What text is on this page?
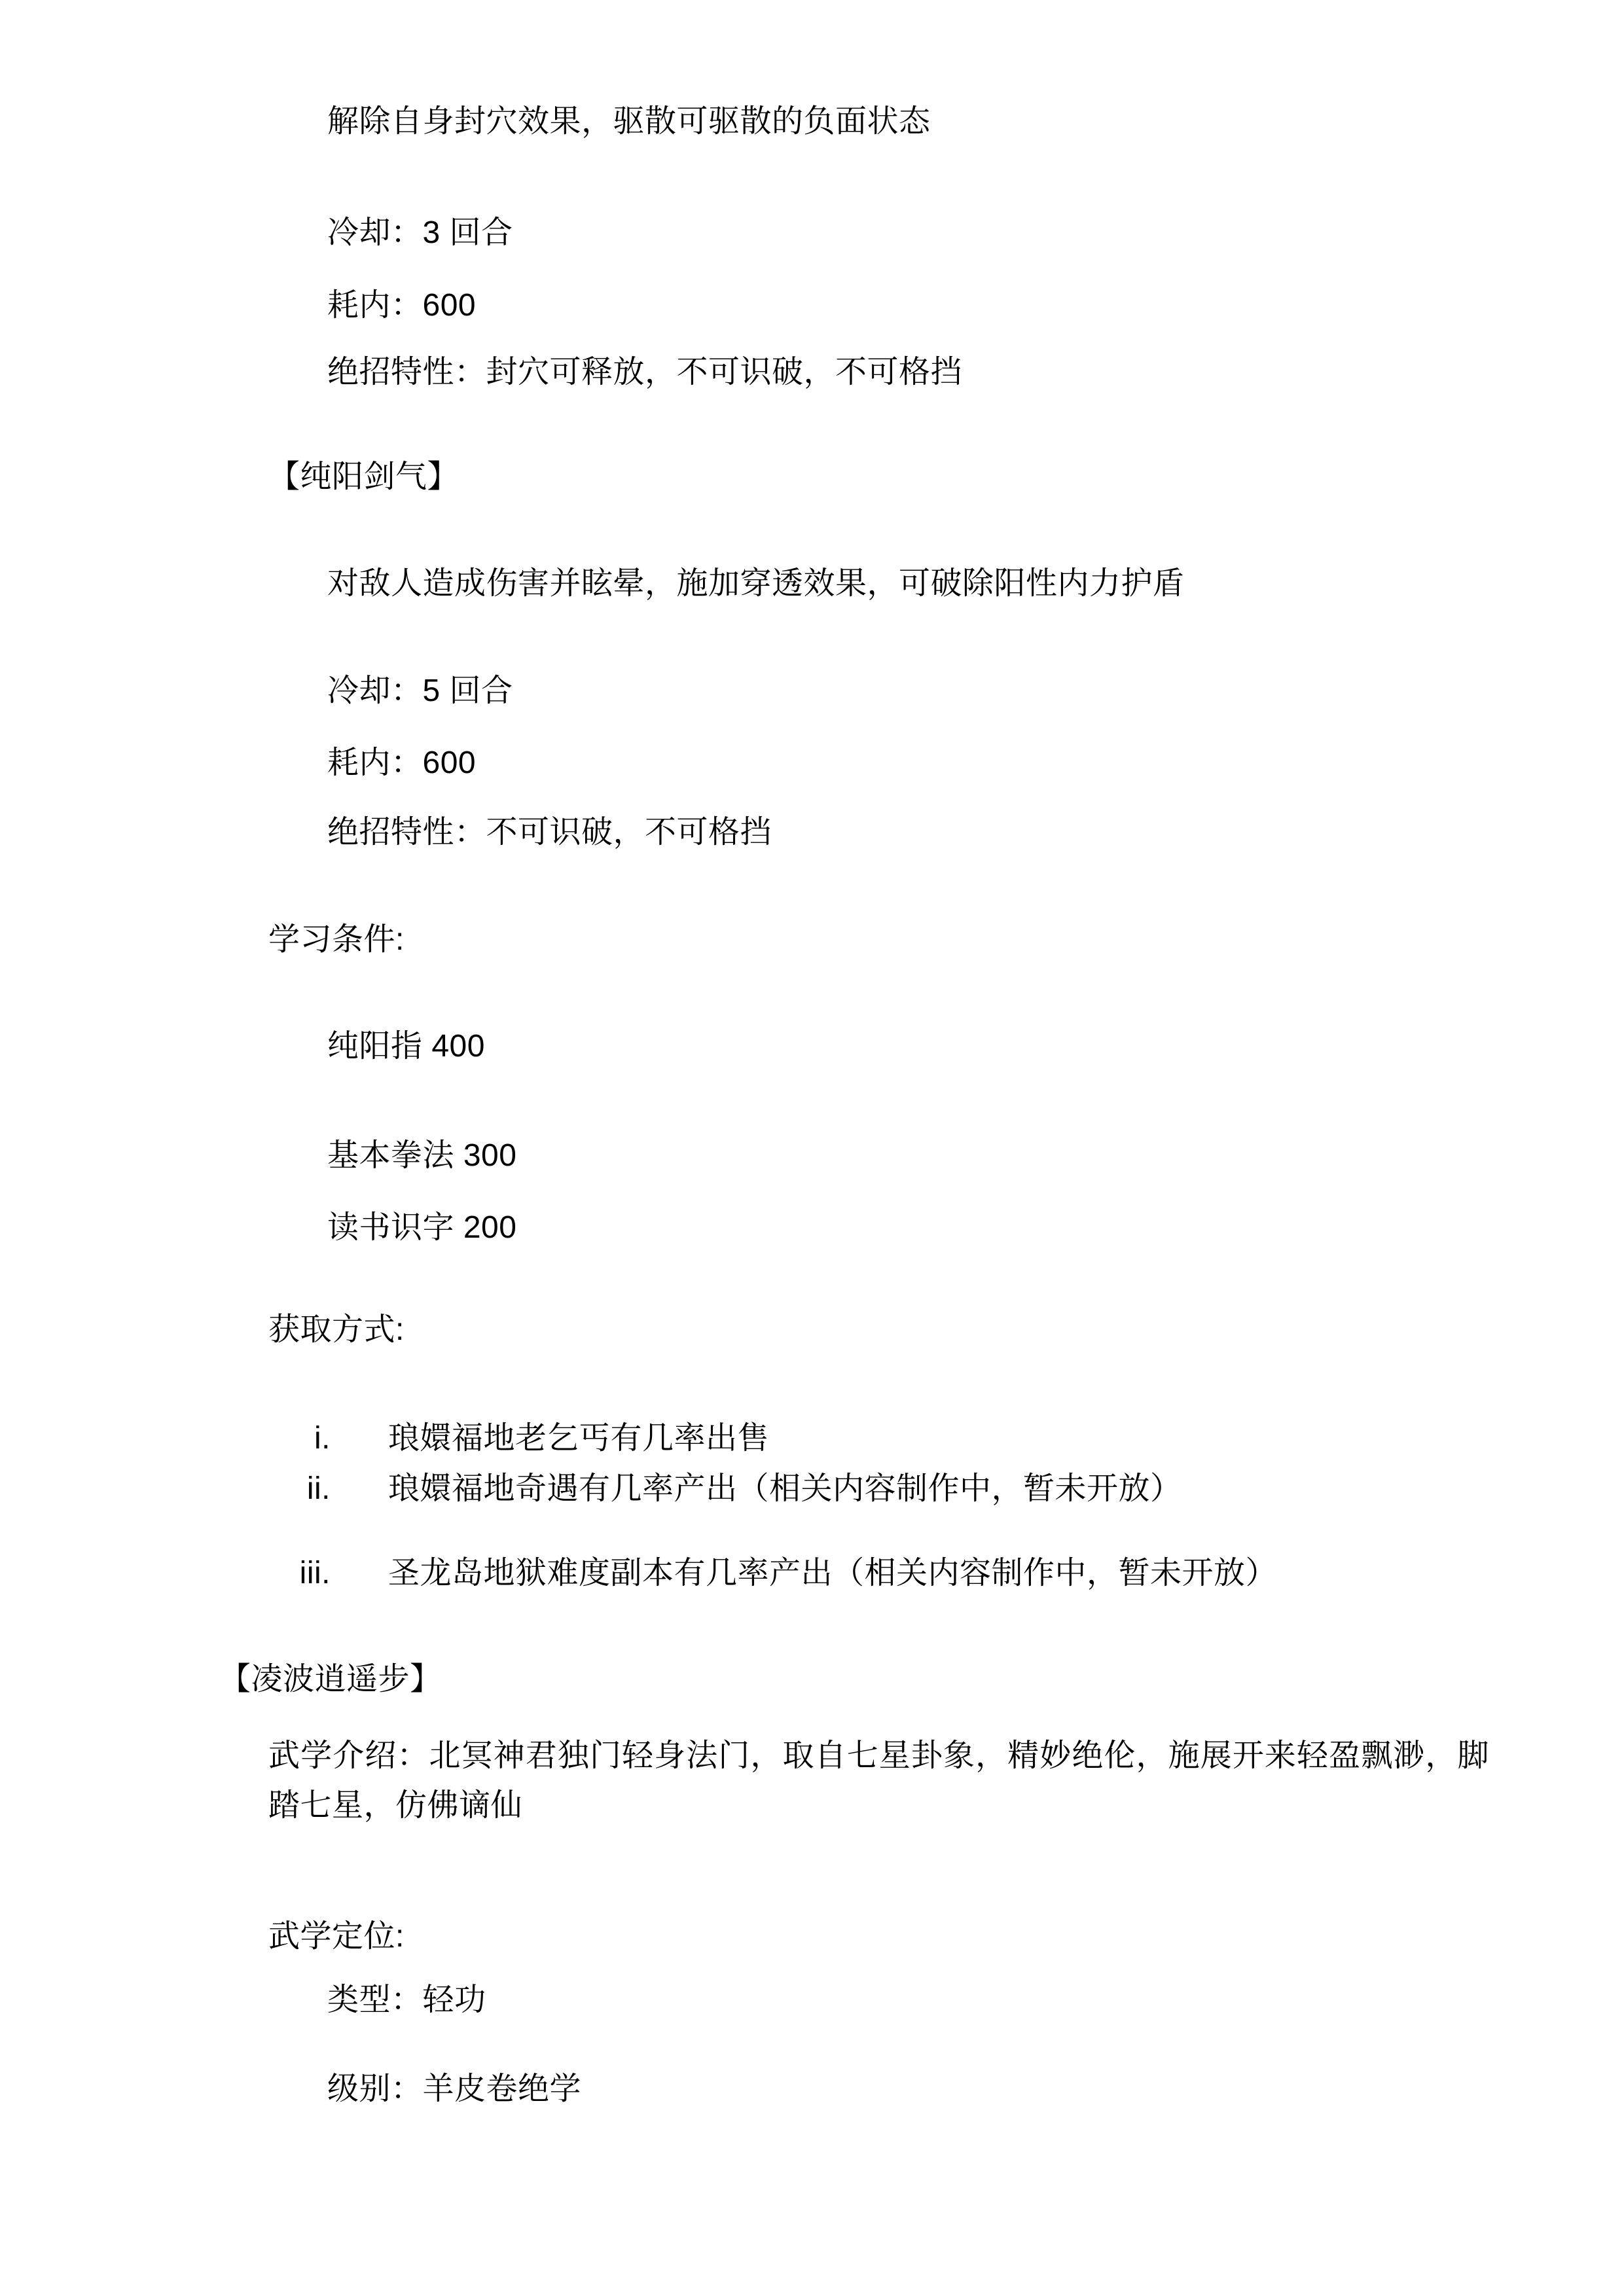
解除自身封穴效果，驱散可驱散的负面状态
冷却：3 回合
耗内：600
绝招特性：封穴可释放，不可识破，不可格挡
【纯阳剑气】
对敌人造成伤害并眩晕，施加穿透效果，可破除阳性内力护盾
冷却：5 回合
耗内：600
绝招特性：不可识破，不可格挡
学习条件:
纯阳指 400
基本拳法 300
读书识字 200
获取方式:
i. 琅嬛福地老乞丐有几率出售
ii. 琅嬛福地奇遇有几率产出（相关内容制作中，暂未开放）
iii. 圣龙岛地狱难度副本有几率产出（相关内容制作中，暂未开放）
【凌波逍遥步】
武学介绍：北冥神君独门轻身法门，取自七星卦象，精妙绝伦，施展开来轻盈飘渺，脚踏七星，仿佛谪仙
武学定位:
类型：轻功
级别：羊皮卷绝学
